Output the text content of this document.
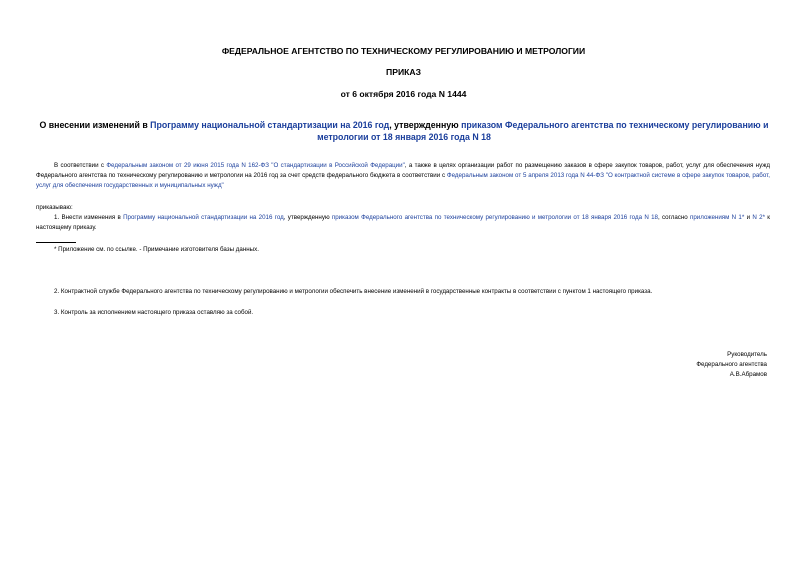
ФЕДЕРАЛЬНОЕ АГЕНТСТВО ПО ТЕХНИЧЕСКОМУ РЕГУЛИРОВАНИЮ И МЕТРОЛОГИИ
ПРИКАЗ
от 6 октября 2016 года N 1444
О внесении изменений в Программу национальной стандартизации на 2016 год, утвержденную приказом Федерального агентства по техническому регулированию и метрологии от 18 января 2016 года N 18
В соответствии с Федеральным законом от 29 июня 2015 года N 162-ФЗ "О стандартизации в Российской Федерации", а также в целях организации работ по размещению заказов в сфере закупок товаров, работ, услуг для обеспечения нужд Федерального агентства по техническому регулированию и метрологии на 2016 год за счет средств федерального бюджета в соответствии с Федеральным законом от 5 апреля 2013 года N 44-ФЗ "О контрактной системе в сфере закупок товаров, работ, услуг для обеспечения государственных и муниципальных нужд"
приказываю:
1. Внести изменения в Программу национальной стандартизации на 2016 год, утвержденную приказом Федерального агентства по техническому регулированию и метрологии от 18 января 2016 года N 18, согласно приложениям N 1* и N 2* к настоящему приказу.
* Приложение см. по ссылке. - Примечание изготовителя базы данных.
2. Контрактной службе Федерального агентства по техническому регулированию и метрологии обеспечить внесение изменений в государственные контракты в соответствии с пунктом 1 настоящего приказа.
3. Контроль за исполнением настоящего приказа оставляю за собой.
Руководитель
Федерального агентства
А.В.Абрамов
